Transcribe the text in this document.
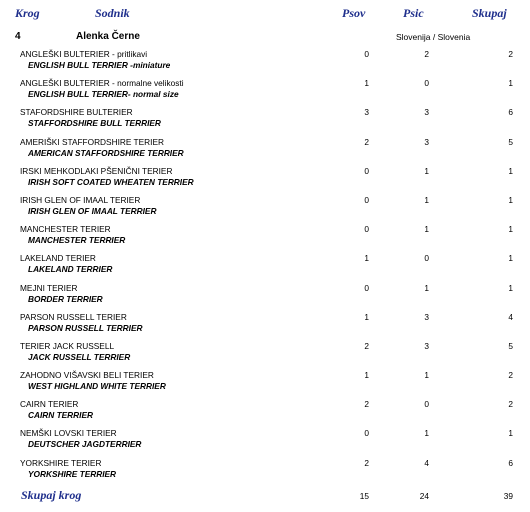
Krog	Sodnik	Psov	Psic	Skupaj
4	Alenka Černe	Slovenija / Slovenia
ANGLEŠKI BULTERIER - pritlikavi
ENGLISH BULL TERRIER -miniature
0	2	2
ANGLEŠKI BULTERIER - normalne velikosti
ENGLISH BULL TERRIER- normal size
1	0	1
STAFORDSHIRE BULTERIER
STAFFORDSHIRE BULL TERRIER
3	3	6
AMERIŠKI STAFFORDSHIRE TERIER
AMERICAN STAFFORDSHIRE TERRIER
2	3	5
IRSKI MEHKODLAKI PŠENIČNI TERIER
IRISH SOFT COATED WHEATEN TERRIER
0	1	1
IRISH GLEN OF IMAAL TERIER
IRISH GLEN OF IMAAL TERRIER
0	1	1
MANCHESTER TERIER
MANCHESTER TERRIER
0	1	1
LAKELAND TERIER
LAKELAND TERRIER
1	0	1
MEJNI TERIER
BORDER TERRIER
0	1	1
PARSON RUSSELL TERIER
PARSON RUSSELL TERRIER
1	3	4
TERIER JACK RUSSELL
JACK RUSSELL TERRIER
2	3	5
ZAHODNO VIŠAVSKI BELI TERIER
WEST HIGHLAND WHITE TERRIER
1	1	2
CAIRN TERIER
CAIRN TERRIER
2	0	2
NEMŠKI LOVSKI TERIER
DEUTSCHER JAGDTERRIER
0	1	1
YORKSHIRE TERIER
YORKSHIRE TERRIER
2	4	6
Skupaj krog	15	24	39
